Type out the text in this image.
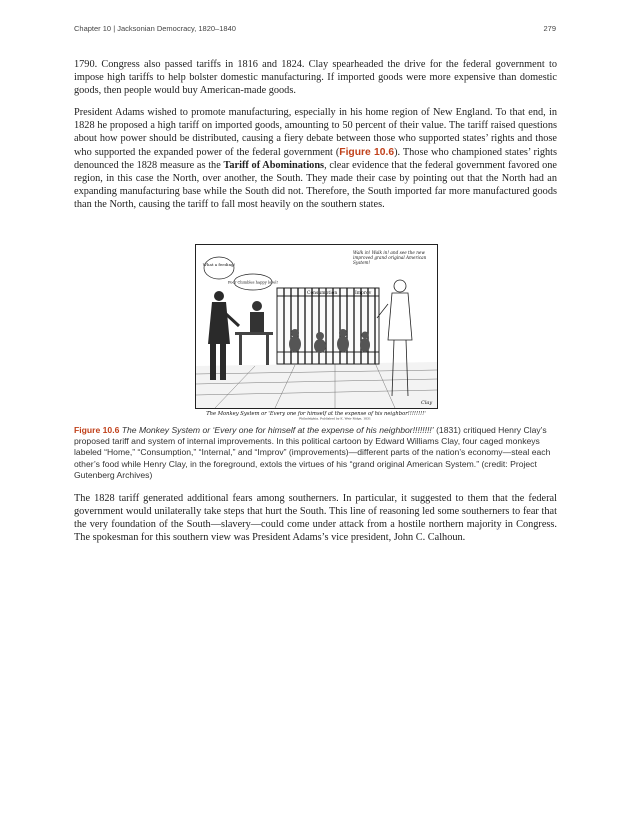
Chapter 10 | Jacksonian Democracy, 1820–1840	279

1790. Congress also passed tariffs in 1816 and 1824. Clay spearheaded the drive for the federal government to impose high tariffs to help bolster domestic manufacturing. If imported goods were more expensive than domestic goods, then people would buy American-made goods.

President Adams wished to promote manufacturing, especially in his home region of New England. To that end, in 1828 he proposed a high tariff on imported goods, amounting to 50 percent of their value. The tariff raised questions about how power should be distributed, causing a fiery debate between those who supported states’ rights and those who supported the expanded power of the federal government (Figure 10.6). Those who championed states’ rights denounced the 1828 measure as the Tariff of Abominations, clear evidence that the federal government favored one region, in this case the North, over another, the South. They made their case by pointing out that the North had an expanding manufacturing base while the South did not. Therefore, the South imported far more manufactured goods than the North, causing the tariff to fall most heavily on the southern states.

Consumption	Improv
What a feeding!
Poor Chimbles happy lovel!
Walk in! Walk in! and see the new improved grand original American System!
Clay
The Monkey System or 'Every one for himself at the expense of his neighbor!!!!!!!!'
Philadelphia. Published by E. Weir Ridge, 1831
Figure 10.6 The Monkey System or ‘Every one for himself at the expense of his neighbor!!!!!!!!’ (1831) critiqued Henry Clay’s proposed tariff and system of internal improvements. In this political cartoon by Edward Williams Clay, four caged monkeys labeled “Home,” “Consumption,” “Internal,” and “Improv” (improvements)—different parts of the nation’s economy—steal each other’s food while Henry Clay, in the foreground, extols the virtues of his “grand original American System.” (credit: Project Gutenberg Archives)

The 1828 tariff generated additional fears among southerners. In particular, it suggested to them that the federal government would unilaterally take steps that hurt the South. This line of reasoning led some southerners to fear that the very foundation of the South—slavery—could come under attack from a hostile northern majority in Congress. The spokesman for this southern view was President Adams’s vice president, John C. Calhoun.
